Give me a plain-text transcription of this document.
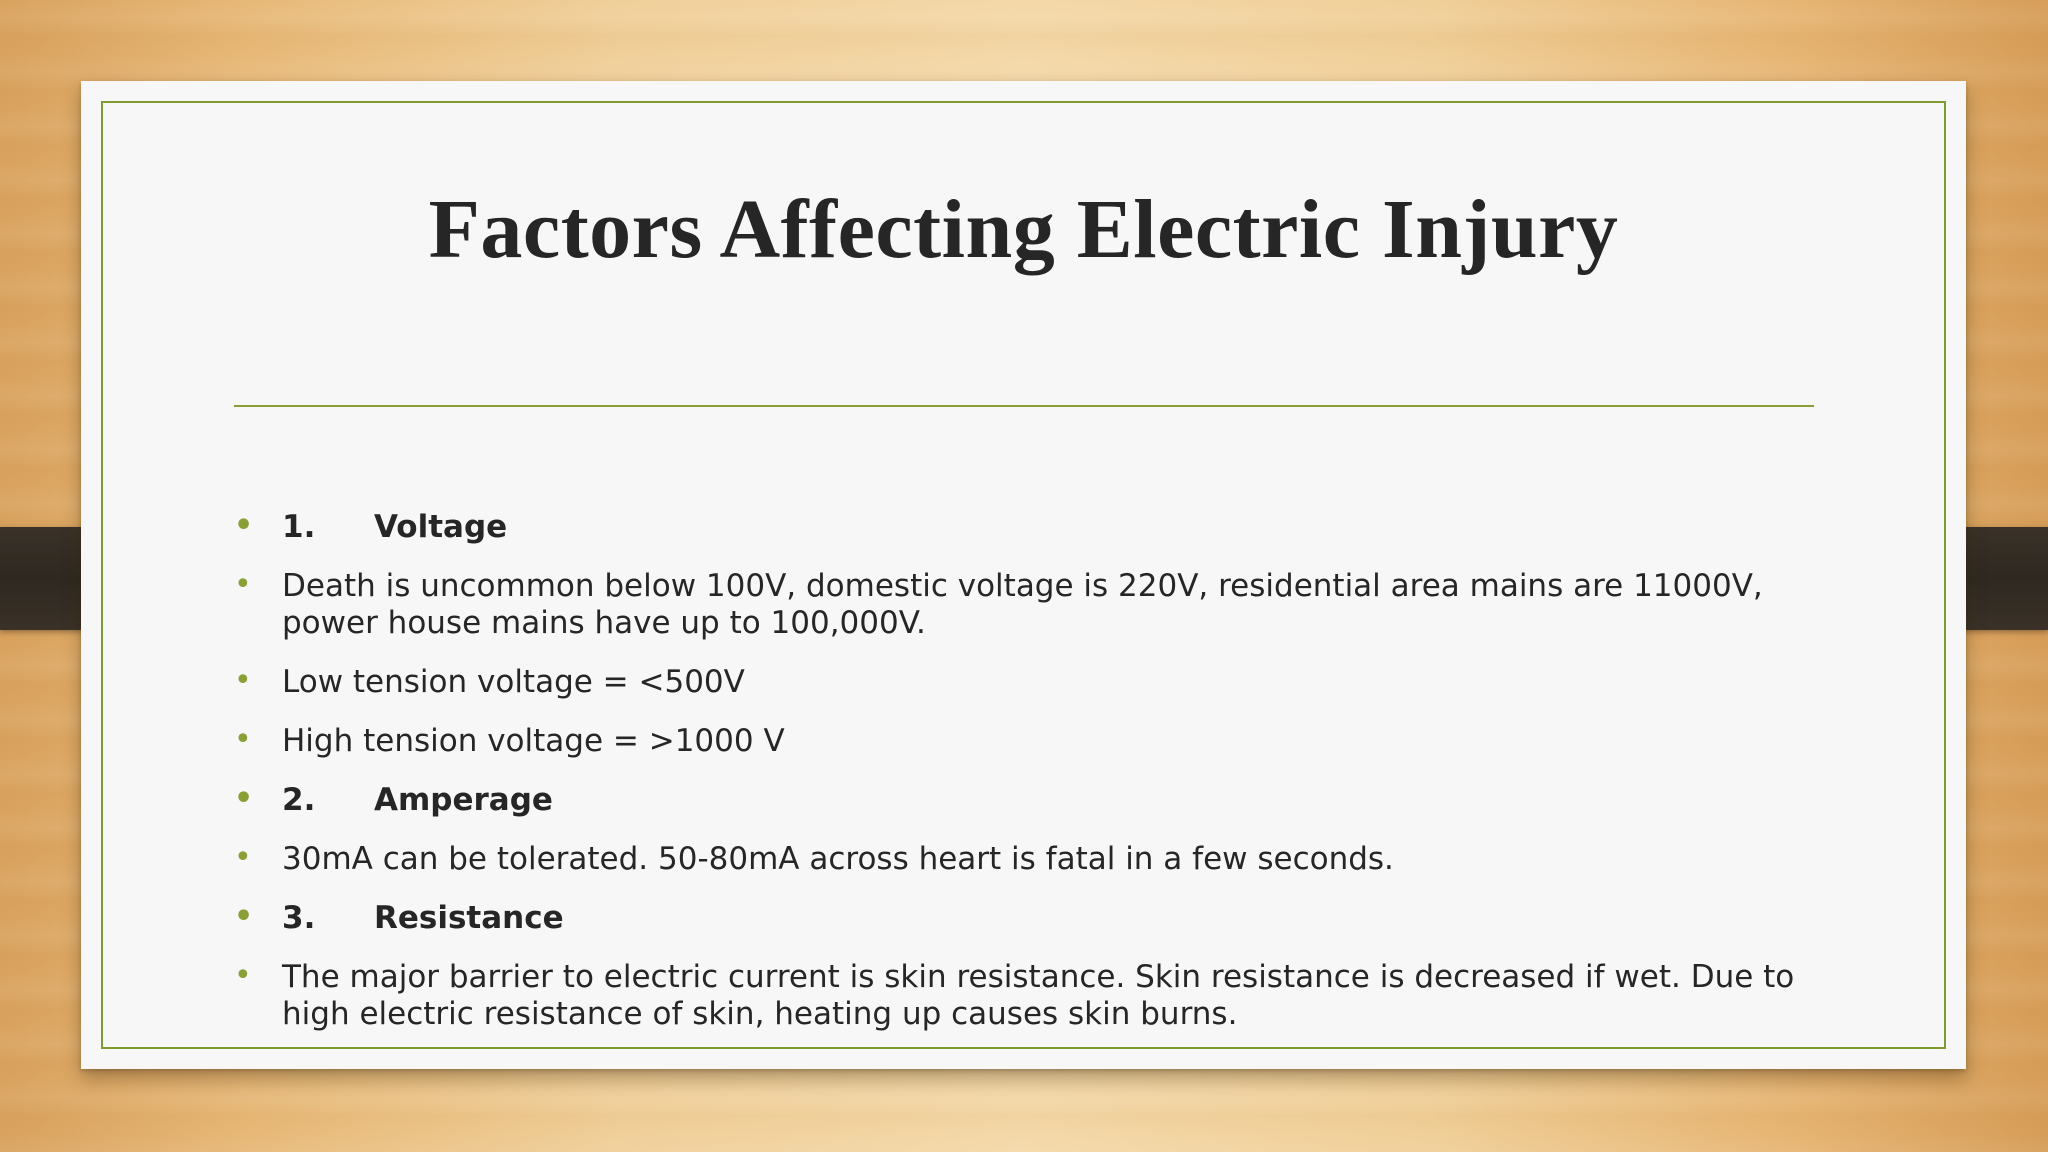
Factors Affecting Electric Injury
• 1. Voltage
• Death is uncommon below 100V, domestic voltage is 220V, residential area mains are 11000V, power house mains have up to 100,000V.
• Low tension voltage = <500V
• High tension voltage = >1000 V
• 2. Amperage
• 30mA can be tolerated. 50-80mA across heart is fatal in a few seconds.
• 3. Resistance
• The major barrier to electric current is skin resistance. Skin resistance is decreased if wet. Due to high electric resistance of skin, heating up causes skin burns.
